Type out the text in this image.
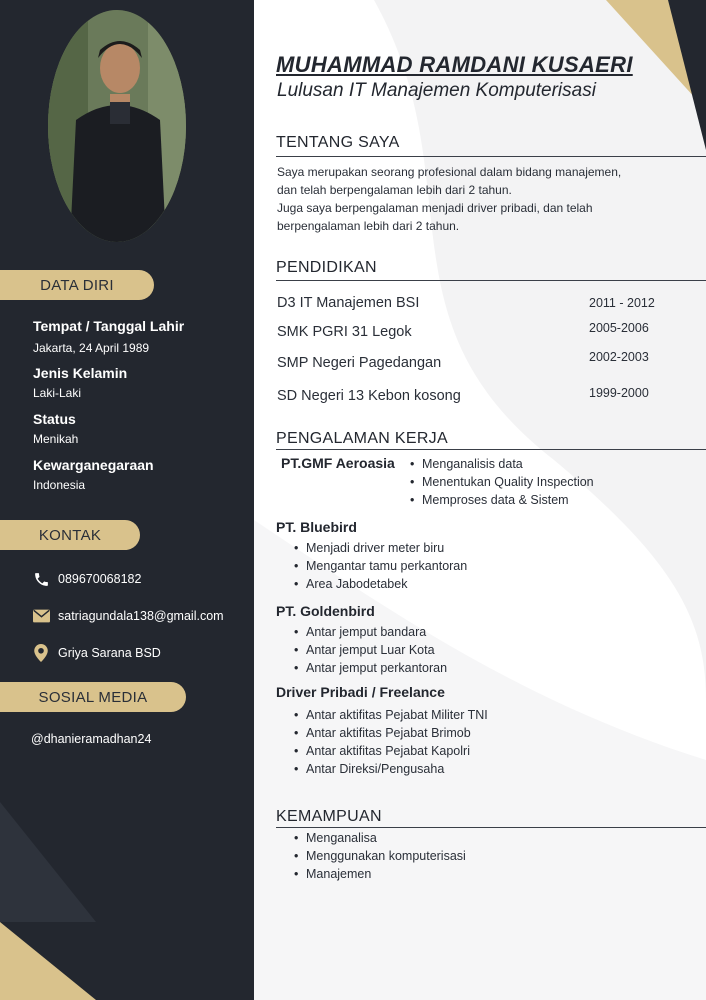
DATA DIRI
Tempat / Tanggal Lahir
Jakarta, 24 April 1989
Jenis Kelamin
Laki-Laki
Status
Menikah
Kewarganegaraan
Indonesia
KONTAK
089670068182
satriagundala138@gmail.com
Griya Sarana BSD
SOSIAL MEDIA
@dhanieramadhan24
MUHAMMAD RAMDANI KUSAERI
Lulusan IT Manajemen Komputerisasi
TENTANG SAYA
Saya merupakan seorang profesional dalam bidang manajemen,
dan telah berpengalaman lebih dari 2 tahun.
Juga saya berpengalaman menjadi driver pribadi, dan telah
berpengalaman lebih dari 2 tahun.
PENDIDIKAN
D3 IT Manajemen BSI	2011 - 2012
SMK PGRI 31 Legok	2005-2006
SMP Negeri Pagedangan	2002-2003
SD Negeri 13 Kebon kosong	1999-2000
PENGALAMAN KERJA
PT.GMF Aeroasia
•	Menganalisis data
• Menentukan Quality Inspection
• Memproses data & Sistem
PT. Bluebird
• Menjadi driver meter biru
• Mengantar tamu perkantoran
• Area Jabodetabek
PT. Goldenbird
• Antar jemput bandara
• Antar jemput Luar Kota
• Antar jemput perkantoran
Driver Pribadi / Freelance
• Antar aktifitas Pejabat Militer TNI
• Antar aktifitas Pejabat Brimob
• Antar aktifitas Pejabat Kapolri
• Antar Direksi/Pengusaha
KEMAMPUAN
• Menganalisa
• Menggunakan komputerisasi
• Manajemen
